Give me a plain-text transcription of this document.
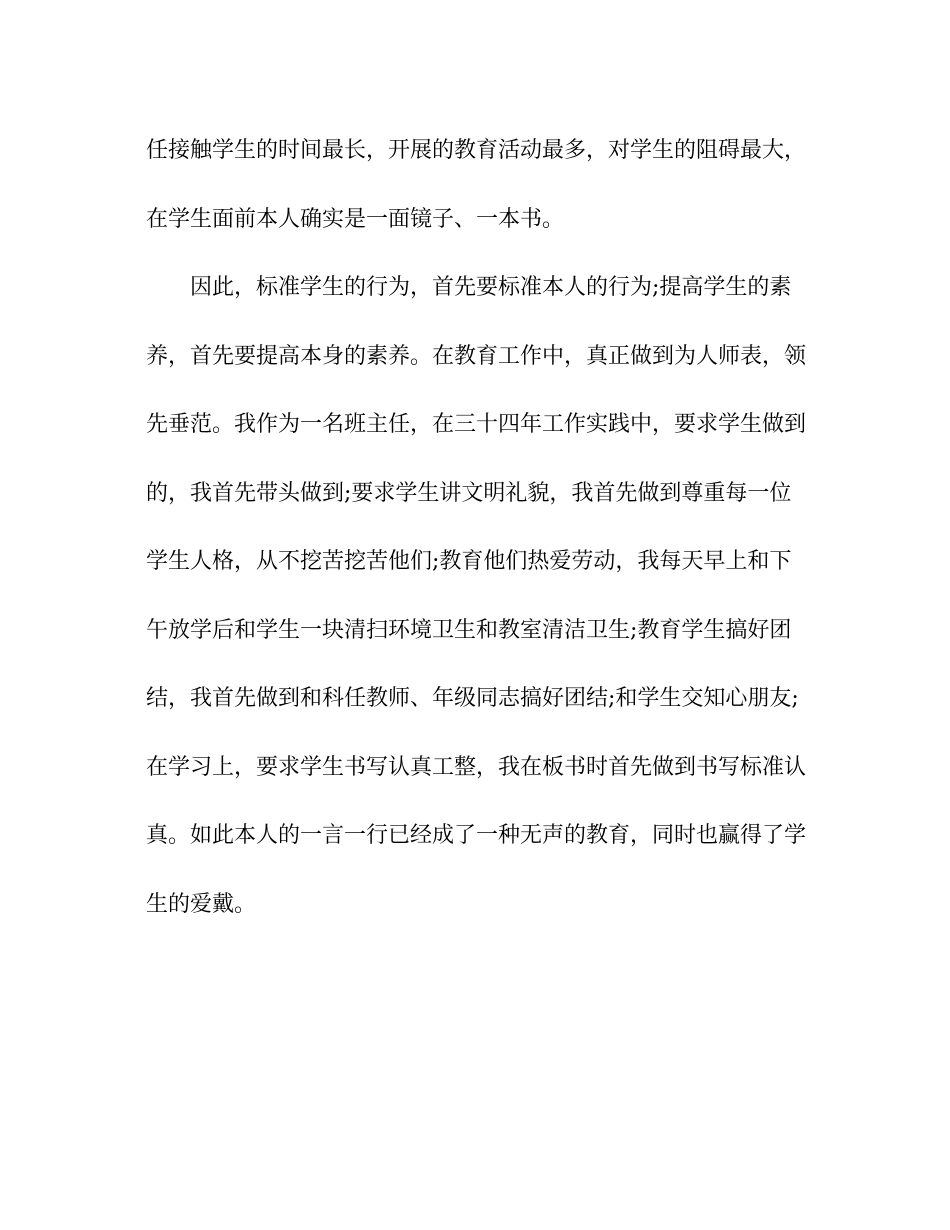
任接触学生的时间最长，开展的教育活动最多，对学生的阻碍最大，
在学生面前本人确实是一面镜子、一本书。
因此，标准学生的行为，首先要标准本人的行为;提高学生的素
养，首先要提高本身的素养。在教育工作中，真正做到为人师表，领
先垂范。我作为一名班主任，在三十四年工作实践中，要求学生做到
的，我首先带头做到;要求学生讲文明礼貌，我首先做到尊重每一位
学生人格，从不挖苦挖苦他们;教育他们热爱劳动，我每天早上和下
午放学后和学生一块清扫环境卫生和教室清洁卫生;教育学生搞好团
结，我首先做到和科任教师、年级同志搞好团结;和学生交知心朋友;
在学习上，要求学生书写认真工整，我在板书时首先做到书写标准认
真。如此本人的一言一行已经成了一种无声的教育，同时也赢得了学
生的爱戴。
